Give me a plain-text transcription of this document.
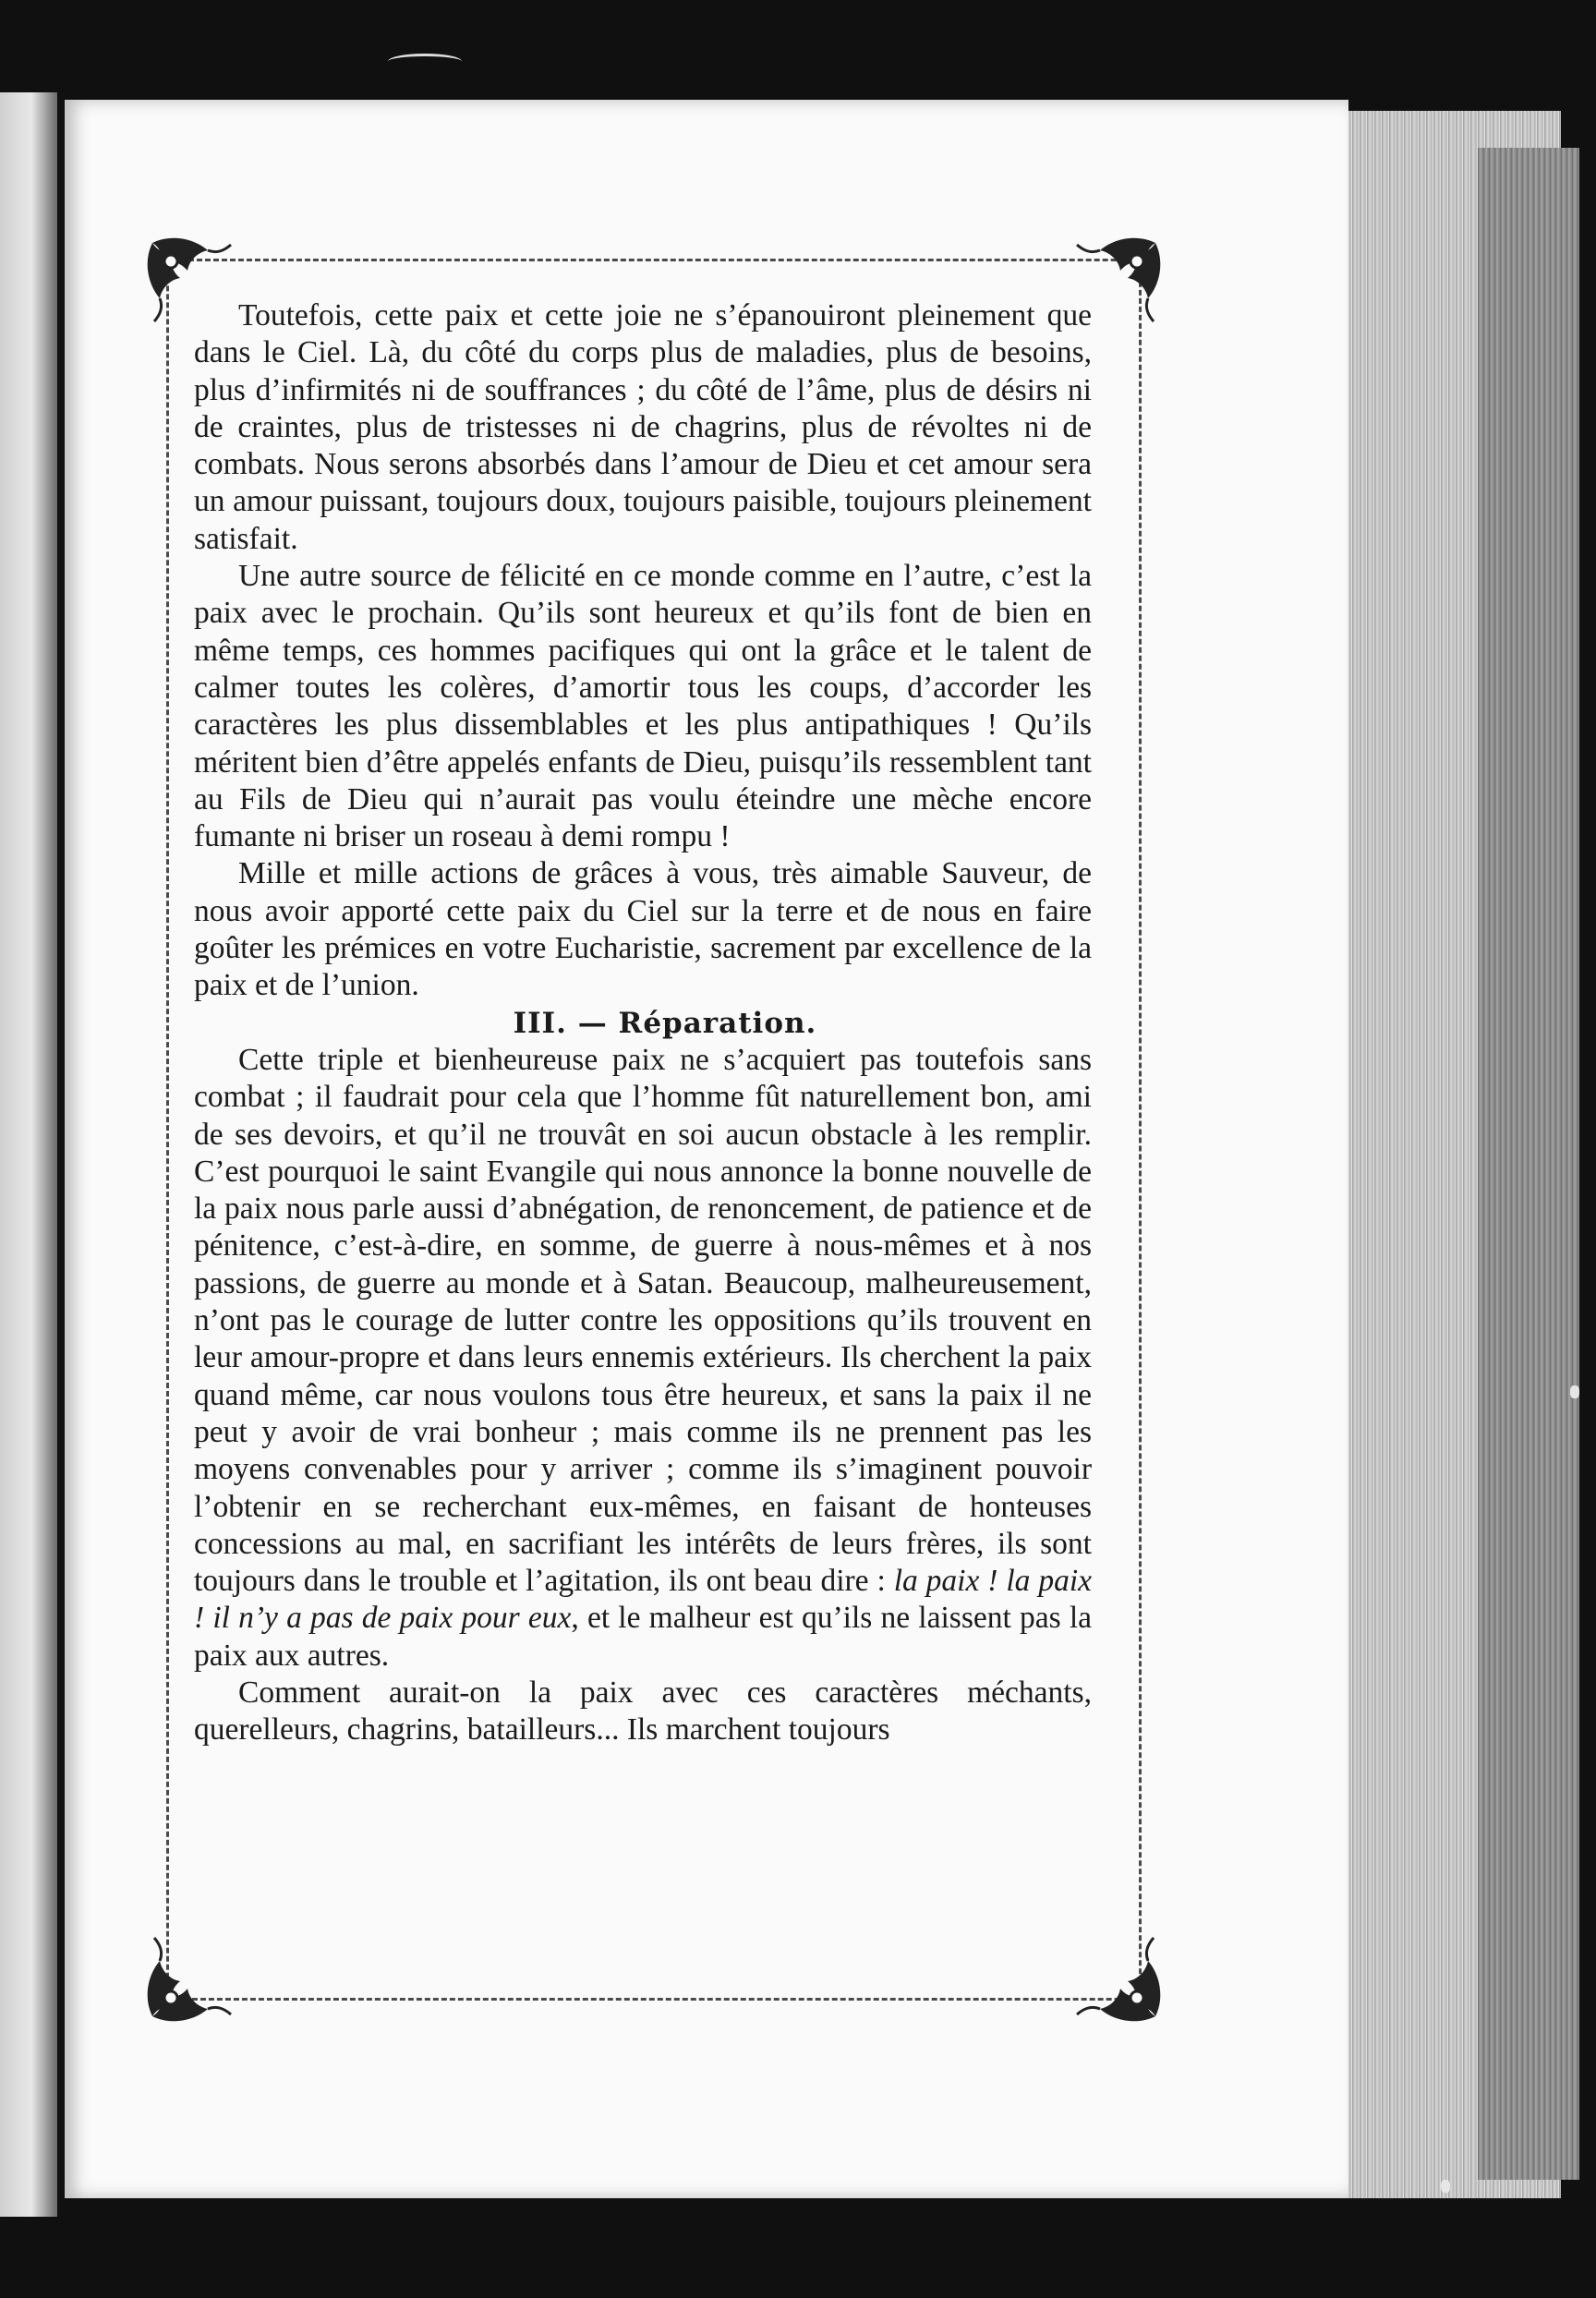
Toutefois, cette paix et cette joie ne s’épanouiront pleinement que dans le Ciel. Là, du côté du corps plus de maladies, plus de besoins, plus d’infirmités ni de souffrances ; du côté de l’âme, plus de désirs ni de craintes, plus de tristesses ni de chagrins, plus de révoltes ni de combats. Nous serons absorbés dans l’amour de Dieu et cet amour sera un amour puissant, toujours doux, toujours paisible, toujours pleinement satisfait.

Une autre source de félicité en ce monde comme en l’autre, c’est la paix avec le prochain. Qu’ils sont heureux et qu’ils font de bien en même temps, ces hommes pacifiques qui ont la grâce et le talent de calmer toutes les colères, d’amortir tous les coups, d’accorder les caractères les plus dissemblables et les plus antipathiques ! Qu’ils méritent bien d’être appelés enfants de Dieu, puisqu’ils ressemblent tant au Fils de Dieu qui n’aurait pas voulu éteindre une mèche encore fumante ni briser un roseau à demi rompu !

Mille et mille actions de grâces à vous, très aimable Sauveur, de nous avoir apporté cette paix du Ciel sur la terre et de nous en faire goûter les prémices en votre Eucharistie, sacrement par excellence de la paix et de l’union.

III. — Réparation.

Cette triple et bienheureuse paix ne s’acquiert pas toutefois sans combat ; il faudrait pour cela que l’homme fût naturellement bon, ami de ses devoirs, et qu’il ne trouvât en soi aucun obstacle à les remplir. C’est pourquoi le saint Evangile qui nous annonce la bonne nouvelle de la paix nous parle aussi d’abnégation, de renoncement, de patience et de pénitence, c’est-à-dire, en somme, de guerre à nous-mêmes et à nos passions, de guerre au monde et à Satan. Beaucoup, malheureusement, n’ont pas le courage de lutter contre les oppositions qu’ils trouvent en leur amour-propre et dans leurs ennemis extérieurs. Ils cherchent la paix quand même, car nous voulons tous être heureux, et sans la paix il ne peut y avoir de vrai bonheur ; mais comme ils ne prennent pas les moyens convenables pour y arriver ; comme ils s’imaginent pouvoir l’obtenir en se recherchant eux-mêmes, en faisant de honteuses concessions au mal, en sacrifiant les intérêts de leurs frères, ils sont toujours dans le trouble et l’agitation, ils ont beau dire : la paix ! la paix ! il n’y a pas de paix pour eux, et le malheur est qu’ils ne laissent pas la paix aux autres.

Comment aurait-on la paix avec ces caractères méchants, querelleurs, chagrins, batailleurs... Ils marchent toujours
